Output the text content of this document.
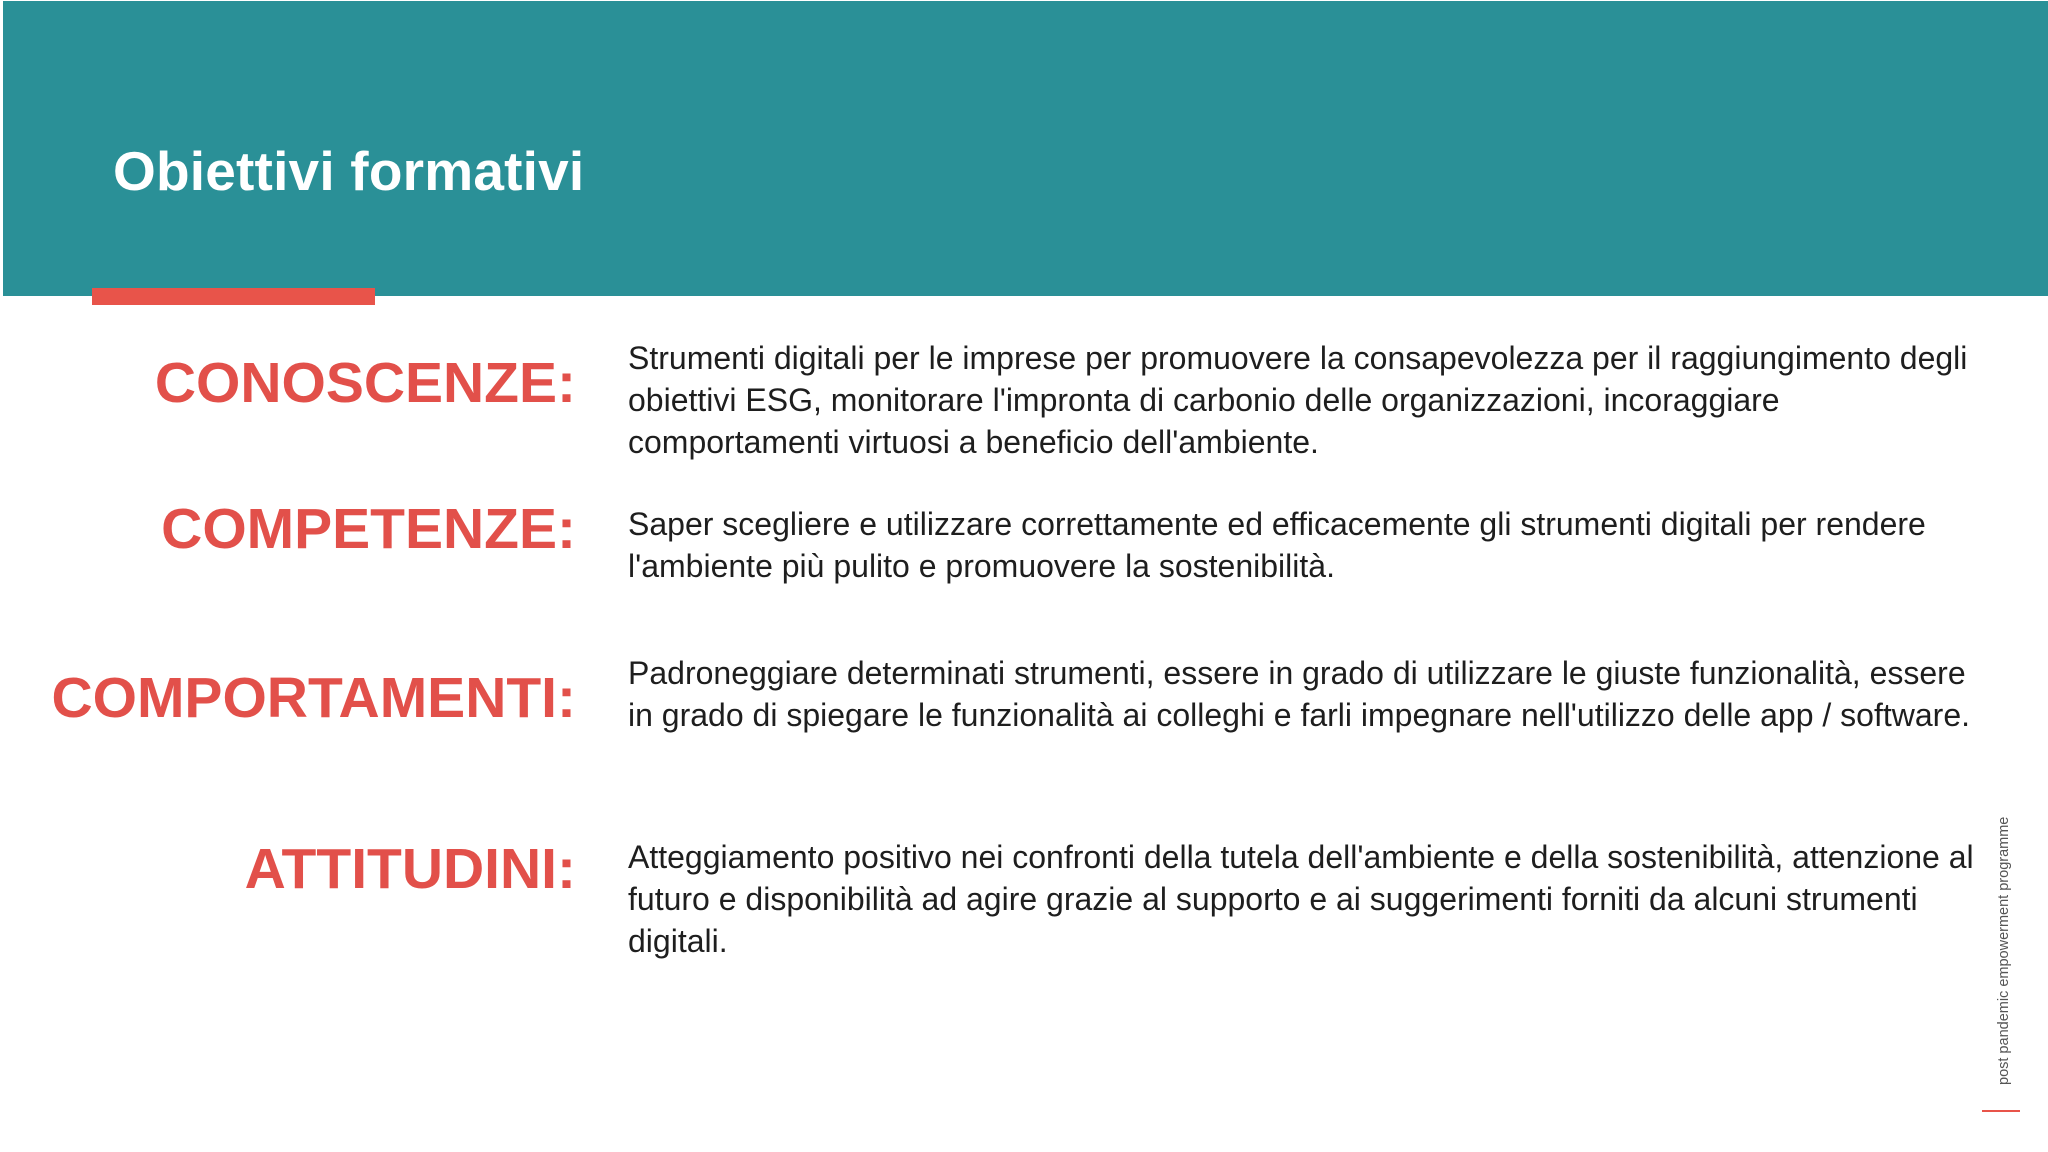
Obiettivi formativi
CONOSCENZE: Strumenti digitali per le imprese per promuovere la consapevolezza per il raggiungimento degli obiettivi ESG, monitorare l'impronta di carbonio delle organizzazioni, incoraggiare comportamenti virtuosi a beneficio dell'ambiente.

COMPETENZE: Saper scegliere e utilizzare correttamente ed efficacemente gli strumenti digitali per rendere l'ambiente più pulito e promuovere la sostenibilità.

COMPORTAMENTI: Padroneggiare determinati strumenti, essere in grado di utilizzare le giuste funzionalità, essere in grado di spiegare le funzionalità ai colleghi e farli impegnare nell'utilizzo delle app / software.

ATTITUDINI: Atteggiamento positivo nei confronti della tutela dell'ambiente e della sostenibilità, attenzione al futuro e disponibilità ad agire grazie al supporto e ai suggerimenti forniti da alcuni strumenti digitali.	post pandemic empowerment programme
